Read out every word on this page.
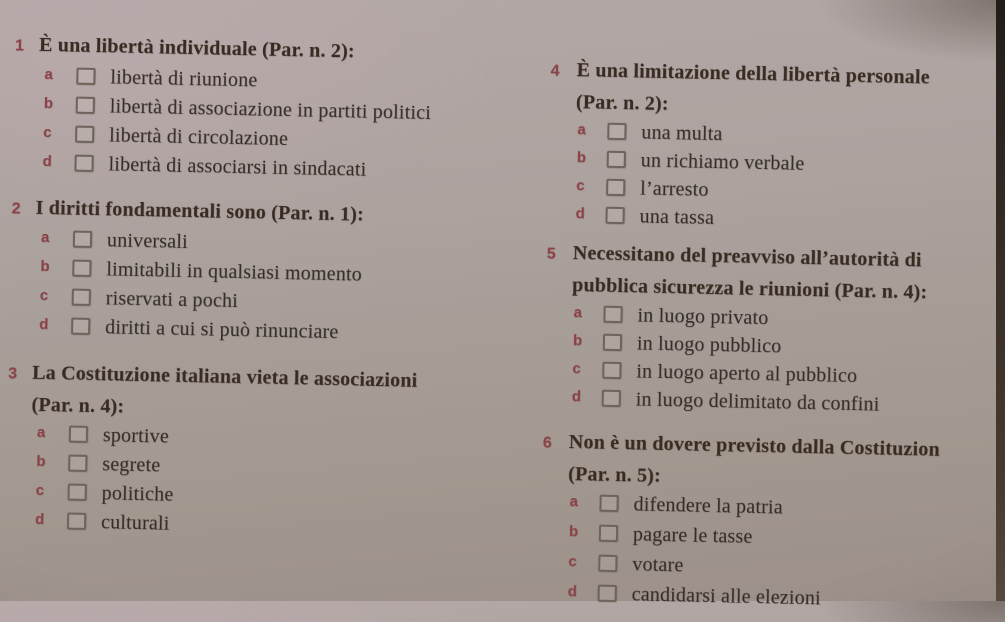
1 È una libertà individuale (Par. n. 2):
a	libertà di riunione
b	libertà di associazione in partiti politici
c	libertà di circolazione
d	libertà di associarsi in sindacati
2 I diritti fondamentali sono (Par. n. 1):
a	universali
b	limitabili in qualsiasi momento
c	riservati a pochi
d	diritti a cui si può rinunciare
3 La Costituzione italiana vieta le associazioni
(Par. n. 4):
a	sportive
b	segrete
c	politiche
d	culturali
4 È una limitazione della libertà personale
(Par. n. 2):
a	una multa
b	un richiamo verbale
c	l’arresto
d	una tassa
5 Necessitano del preavviso all’autorità di
pubblica sicurezza le riunioni (Par. n. 4):
a	in luogo privato
b	in luogo pubblico
c	in luogo aperto al pubblico
d	in luogo delimitato da confini
6 Non è un dovere previsto dalla Costituzion
(Par. n. 5):
a	difendere la patria
b	pagare le tasse
c	votare
d	candidarsi alle elezioni
